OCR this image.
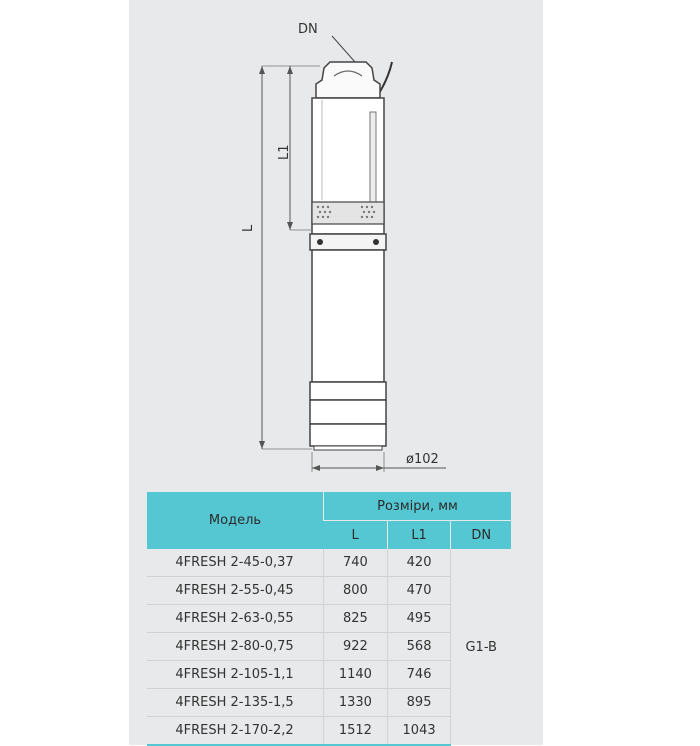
DN
L
L1
ø102
Модель	Розміри, мм		
	L	L1	DN
4FRESH 2-45-0,37	740	420	G1-B
4FRESH 2-55-0,45	800	470	
4FRESH 2-63-0,55	825	495	
4FRESH 2-80-0,75	922	568	
4FRESH 2-105-1,1	1140	746	
4FRESH 2-135-1,5	1330	895	
4FRESH 2-170-2,2	1512	1043	
